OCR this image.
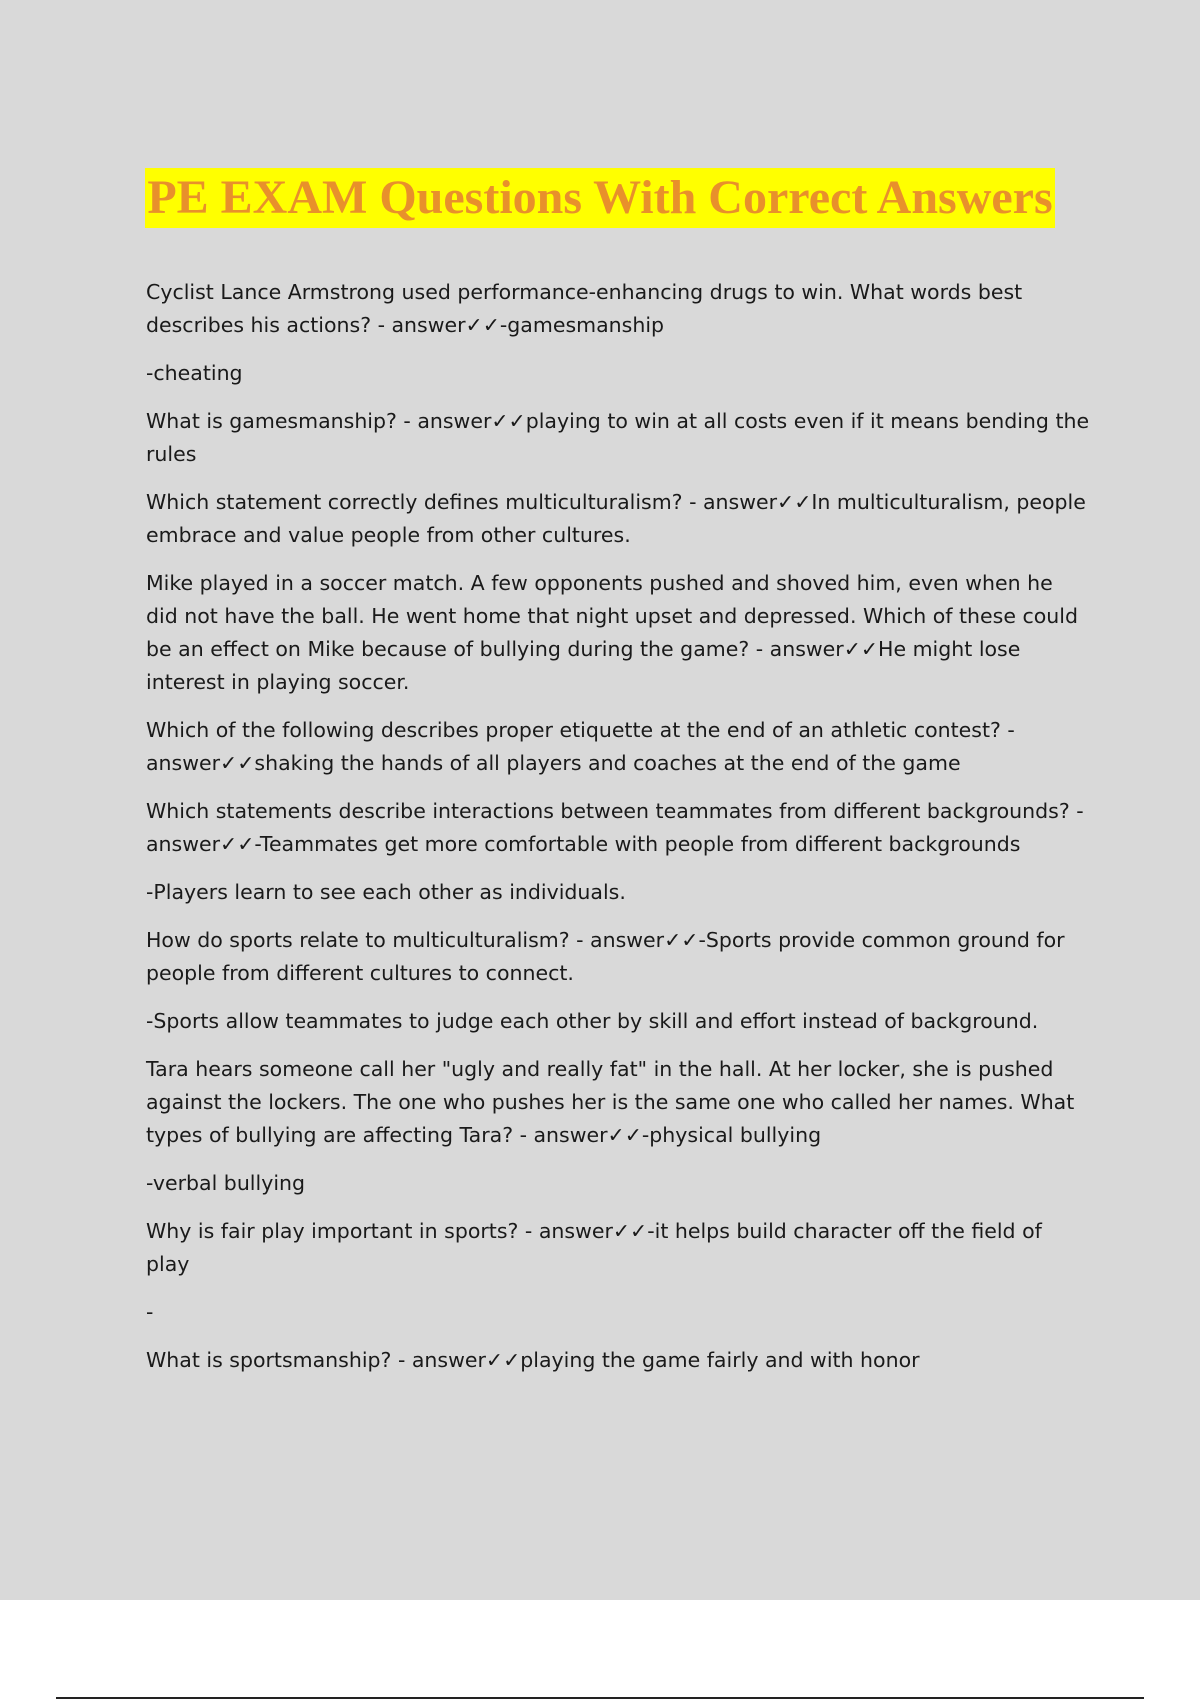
PE EXAM Questions With Correct Answers

Cyclist Lance Armstrong used performance-enhancing drugs to win. What words best describes his actions? - answer✓✓-gamesmanship

-cheating

What is gamesmanship? - answer✓✓playing to win at all costs even if it means bending the rules

Which statement correctly defines multiculturalism? - answer✓✓In multiculturalism, people embrace and value people from other cultures.

Mike played in a soccer match. A few opponents pushed and shoved him, even when he did not have the ball. He went home that night upset and depressed. Which of these could be an effect on Mike because of bullying during the game? - answer✓✓He might lose interest in playing soccer.

Which of the following describes proper etiquette at the end of an athletic contest? - answer✓✓shaking the hands of all players and coaches at the end of the game

Which statements describe interactions between teammates from different backgrounds? - answer✓✓-Teammates get more comfortable with people from different backgrounds

-Players learn to see each other as individuals.

How do sports relate to multiculturalism? - answer✓✓-Sports provide common ground for people from different cultures to connect.

-Sports allow teammates to judge each other by skill and effort instead of background.

Tara hears someone call her "ugly and really fat" in the hall. At her locker, she is pushed against the lockers. The one who pushes her is the same one who called her names. What types of bullying are affecting Tara? - answer✓✓-physical bullying

-verbal bullying

Why is fair play important in sports? - answer✓✓-it helps build character off the field of play

-

What is sportsmanship? - answer✓✓playing the game fairly and with honor
